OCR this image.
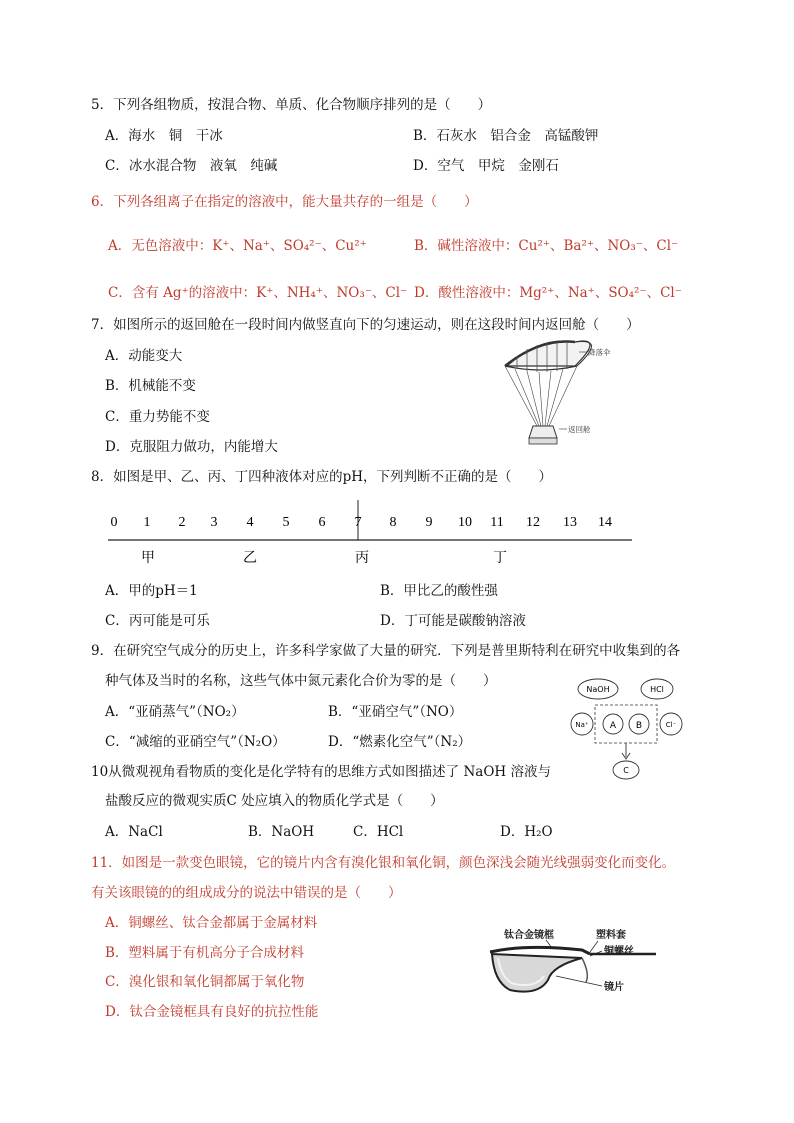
5．下列各组物质，按混合物、单质、化合物顺序排列的是（　　）
A．海水　铜　干冰	B．石灰水　铝合金　高锰酸钾
C．冰水混合物　液氧　纯碱	D．空气　甲烷　金刚石
6．下列各组离子在指定的溶液中，能大量共存的一组是（　　）
A．无色溶液中：K⁺、Na⁺、SO₄²⁻、Cu²⁺	B．碱性溶液中：Cu²⁺、Ba²⁺、NO₃⁻、Cl⁻
C．含有 Ag⁺的溶液中：K⁺、NH₄⁺、NO₃⁻、Cl⁻ D．酸性溶液中：Mg²⁺、Na⁺、SO₄²⁻、Cl⁻
7．如图所示的返回舱在一段时间内做竖直向下的匀速运动，则在这段时间内返回舱（　　）
A．动能变大
B．机械能不变
C．重力势能不变
D．克服阻力做功，内能增大
降落伞
返回舱
8．如图是甲、乙、丙、丁四种液体对应的pH，下列判断不正确的是（　　）
0 1 2 3 4 5 6 7 8 9 10 11 12 13 14
甲	乙	丙	丁
A．甲的pH＝1	B．甲比乙的酸性强
C．丙可能是可乐	D．丁可能是碳酸钠溶液
9．在研究空气成分的历史上，许多科学家做了大量的研究．下列是普里斯特利在研究中收集到的各
种气体及当时的名称，这些气体中氮元素化合价为零的是（　　）
A．“亚硝蒸气”（NO₂）	B．“亚硝空气”（NO）
C．“减缩的亚硝空气”（N₂O）	D．“燃素化空气”（N₂）
NaOH	HCl
Na⁺ A B	Cl⁻
C
10从微观视角看物质的变化是化学特有的思维方式如图描述了 NaOH 溶液与
盐酸反应的微观实质C 处应填入的物质化学式是（　　）
A．NaCl	B．NaOH	C．HCl	D．H₂O
11．如图是一款变色眼镜，它的镜片内含有溴化银和氧化铜，颜色深浅会随光线强弱变化而变化。
有关该眼镜的的组成成分的说法中错误的是（　　）
A．铜螺丝、钛合金都属于金属材料
B．塑料属于有机高分子合成材料
C．溴化银和氧化铜都属于氧化物
D．钛合金镜框具有良好的抗拉性能
钛合金镜框	塑料套
铜螺丝
镜片
